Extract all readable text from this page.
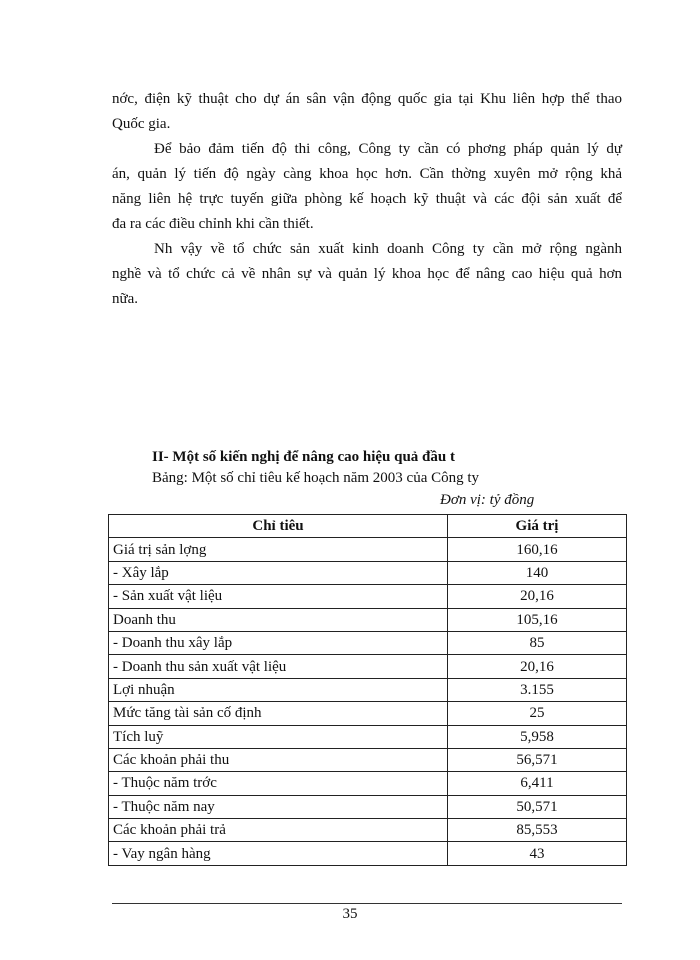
nớc, điện kỹ thuật cho dự án sân vận động quốc gia tại Khu liên hợp thể thao
Quốc gia.

Để bảo đảm tiến độ thi công, Công ty cần có phơng pháp quản lý dự
án, quản lý tiến độ ngày càng khoa học hơn. Cần thờng xuyên mở rộng khả
năng liên hệ trực tuyến giữa phòng kế hoạch kỹ thuật và các đội sản xuất để
đa ra các điều chỉnh khi cần thiết.

Nh vậy về tổ chức sản xuất kinh doanh Công ty cần mở rộng ngành
nghề và tổ chức cả về nhân sự và quản lý khoa học để nâng cao hiệu quả hơn
nữa.

II- Một số kiến nghị để nâng cao hiệu quả đầu t

Bảng: Một số chỉ tiêu kế hoạch năm 2003 của Công ty

Đơn vị: tỷ đồng

Chỉ tiêu	Giá trị
Giá trị sản lợng	160,16
- Xây lắp	140
- Sản xuất vật liệu	20,16
Doanh thu	105,16
- Doanh thu xây lắp	85
- Doanh thu sản xuất vật liệu	20,16
Lợi nhuận	3.155
Mức tăng tài sản cố định	25
Tích luỹ	5,958
Các khoản phải thu	56,571
- Thuộc năm trớc	6,411
- Thuộc năm nay	50,571
Các khoản phải trả	85,553
- Vay ngân hàng	43
35
